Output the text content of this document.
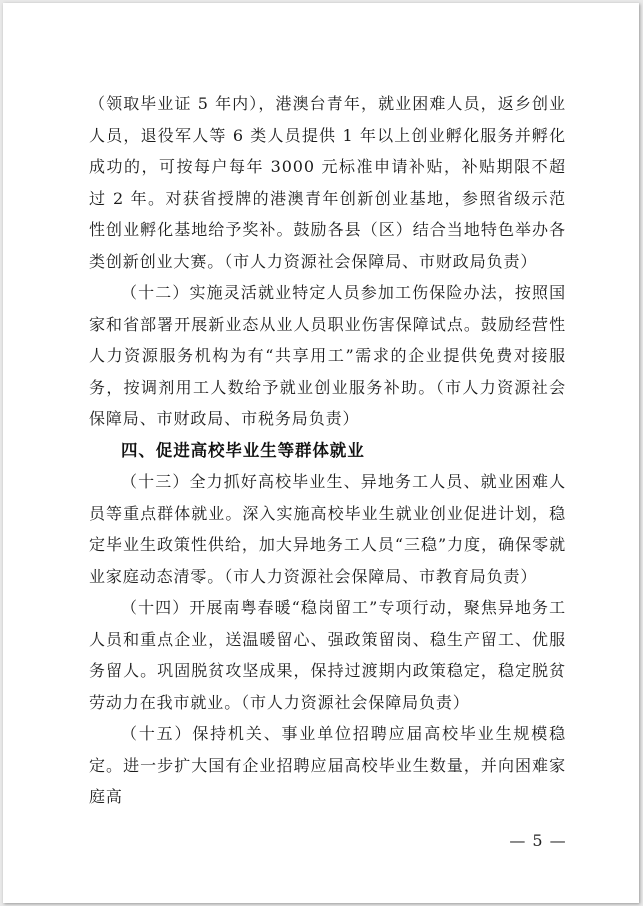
（领取毕业证 5 年内），港澳台青年，就业困难人员，返乡创业人员，退役军人等 6 类人员提供 1 年以上创业孵化服务并孵化成功的，可按每户每年 3000 元标准申请补贴，补贴期限不超过 2 年。对获省授牌的港澳青年创新创业基地，参照省级示范性创业孵化基地给予奖补。鼓励各县（区）结合当地特色举办各类创新创业大赛。（市人力资源社会保障局、市财政局负责）

（十二）实施灵活就业特定人员参加工伤保险办法，按照国家和省部署开展新业态从业人员职业伤害保障试点。鼓励经营性人力资源服务机构为有“共享用工”需求的企业提供免费对接服务，按调剂用工人数给予就业创业服务补助。（市人力资源社会保障局、市财政局、市税务局负责）

四、促进高校毕业生等群体就业

（十三）全力抓好高校毕业生、异地务工人员、就业困难人员等重点群体就业。深入实施高校毕业生就业创业促进计划，稳定毕业生政策性供给，加大异地务工人员“三稳”力度，确保零就业家庭动态清零。（市人力资源社会保障局、市教育局负责）

（十四）开展南粤春暖“稳岗留工”专项行动，聚焦异地务工人员和重点企业，送温暖留心、强政策留岗、稳生产留工、优服务留人。巩固脱贫攻坚成果，保持过渡期内政策稳定，稳定脱贫劳动力在我市就业。（市人力资源社会保障局负责）

（十五）保持机关、事业单位招聘应届高校毕业生规模稳定。进一步扩大国有企业招聘应届高校毕业生数量，并向困难家庭高

— 5 —
